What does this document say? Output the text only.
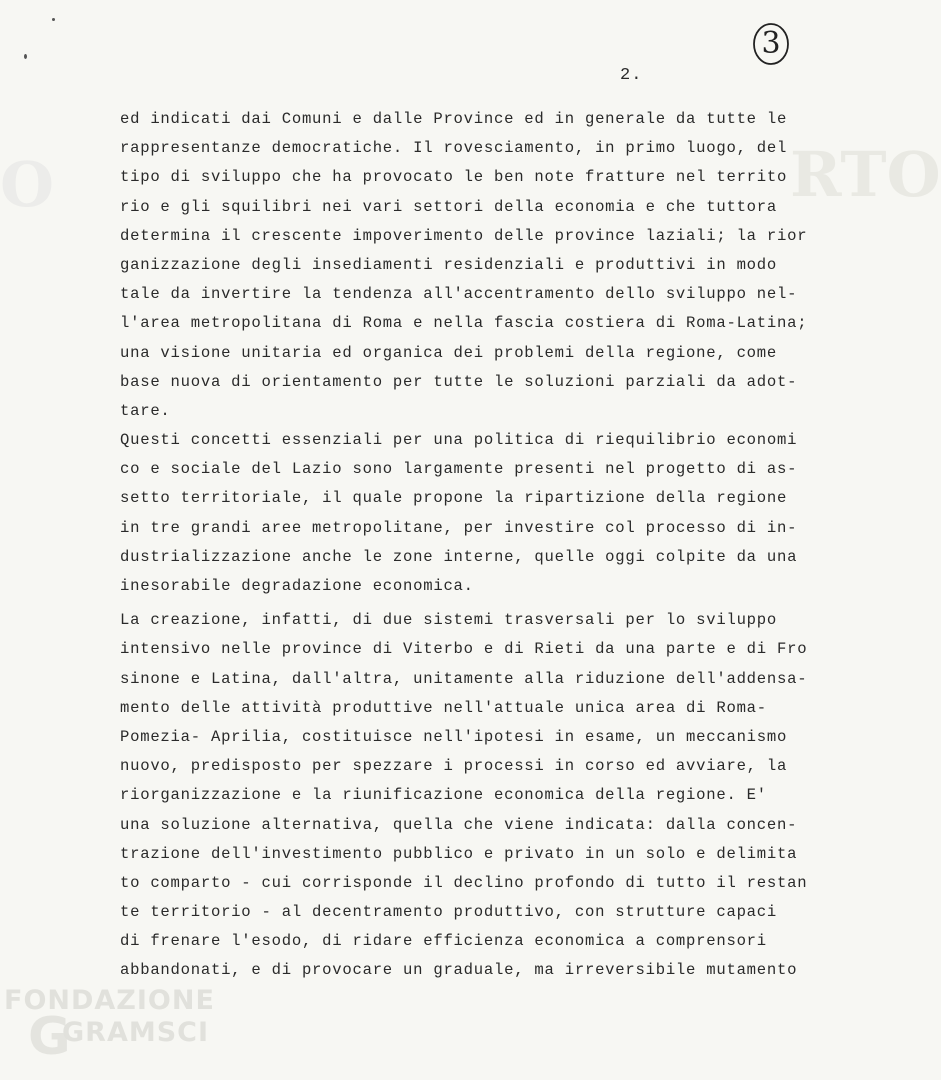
RTO
O
3
2.
ed indicati dai Comuni e dalle Province ed in generale da tutte le
rappresentanze democratiche. Il rovesciamento, in primo luogo, del
tipo di sviluppo che ha provocato le ben note fratture nel territo
rio e gli squilibri nei vari settori della economia e che tuttora
determina il crescente impoverimento delle province laziali; la rior
ganizzazione degli insediamenti residenziali e produttivi in modo
tale da invertire la tendenza all'accentramento dello sviluppo nel-
l'area metropolitana di Roma e nella fascia costiera di Roma-Latina;
una visione unitaria ed organica dei problemi della regione, come
base nuova di orientamento per tutte le soluzioni parziali da adot-
tare.
Questi concetti essenziali per una politica di riequilibrio economi
co e sociale del Lazio sono largamente presenti nel progetto di as-
setto territoriale, il quale propone la ripartizione della regione
in tre grandi aree metropolitane, per investire col processo di in-
dustrializzazione anche le zone interne, quelle oggi colpite da una
inesorabile degradazione economica.
La creazione, infatti, di due sistemi trasversali per lo sviluppo
intensivo nelle province di Viterbo e di Rieti da una parte e di Fro
sinone e Latina, dall'altra, unitamente alla riduzione dell'addensa-
mento delle attività produttive nell'attuale unica area di Roma-
Pomezia- Aprilia, costituisce nell'ipotesi in esame, un meccanismo
nuovo, predisposto per spezzare i processi in corso ed avviare, la
riorganizzazione e la riunificazione economica della regione. E'
una soluzione alternativa, quella che viene indicata: dalla concen-
trazione dell'investimento pubblico e privato in un solo e delimita
to comparto - cui corrisponde il declino profondo di tutto il restan
te territorio - al decentramento produttivo, con strutture capaci
di frenare l'esodo, di ridare efficienza economica a comprensori
abbandonati, e di provocare un graduale, ma irreversibile mutamento
G
FONDAZIONE
GRAMSCI
